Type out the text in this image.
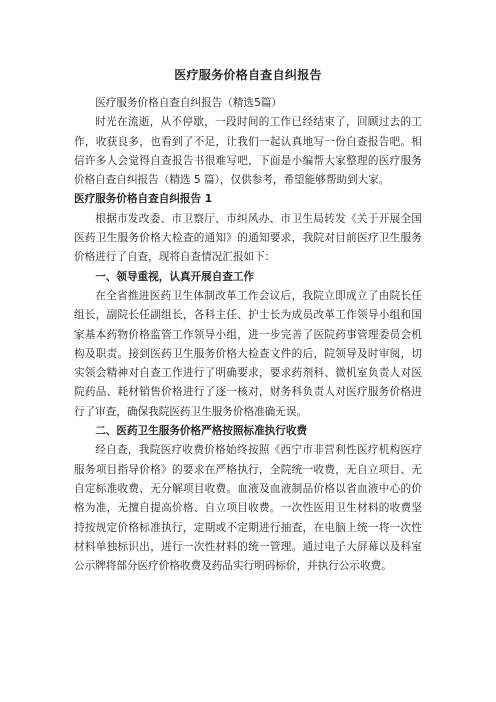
医疗服务价格自查自纠报告

医疗服务价格自查自纠报告（精选5篇）

时光在流逝，从不停歇，一段时间的工作已经结束了，回顾过去的工作，收获良多，也看到了不足，让我们一起认真地写一份自查报告吧。相信许多人会觉得自查报告书很难写吧，下面是小编帮大家整理的医疗服务价格自查自纠报告（精选 5 篇），仅供参考，希望能够帮助到大家。

医疗服务价格自查自纠报告 1

根据市发改委、市卫察厅、市纠风办、市卫生局转发《关于开展全国医药卫生服务价格大检查的通知》的通知要求，我院对目前医疗卫生服务价格进行了自查，现将自查情况汇报如下：

一、领导重视，认真开展自查工作

在全省推进医药卫生体制改革工作会议后，我院立即成立了由院长任组长，副院长任副组长，各科主任、护士长为成员改革工作领导小组和国家基本药物价格监管工作领导小组，进一步完善了医院药事管理委员会机构及职责。接到医药卫生服务价格大检查文件的后，院领导及时审阅，切实领会精神对自查工作进行了明确要求，要求药剂科、微机室负责人对医院药品、耗材销售价格进行了逐一核对，财务科负责人对医疗服务价格进行了审查，确保我院医药卫生服务价格准确无误。

二、医药卫生服务价格严格按照标准执行收费

经自查，我院医疗收费价格始终按照《西宁市非营利性医疗机构医疗服务项目指导价格》的要求在严格执行，全院统一收费，无自立项目、无自定标准收费、无分解项目收费。血液及血液制品价格以省血液中心的价格为准，无擅自提高价格、自立项目收费。一次性医用卫生材料的收费坚持按规定价格标准执行，定期或不定期进行抽查，在电脑上统一将一次性材料单独标识出，进行一次性材料的统一管理。通过电子大屏幕以及科室公示牌将部分医疗价格收费及药品实行明码标价，并执行公示收费。
